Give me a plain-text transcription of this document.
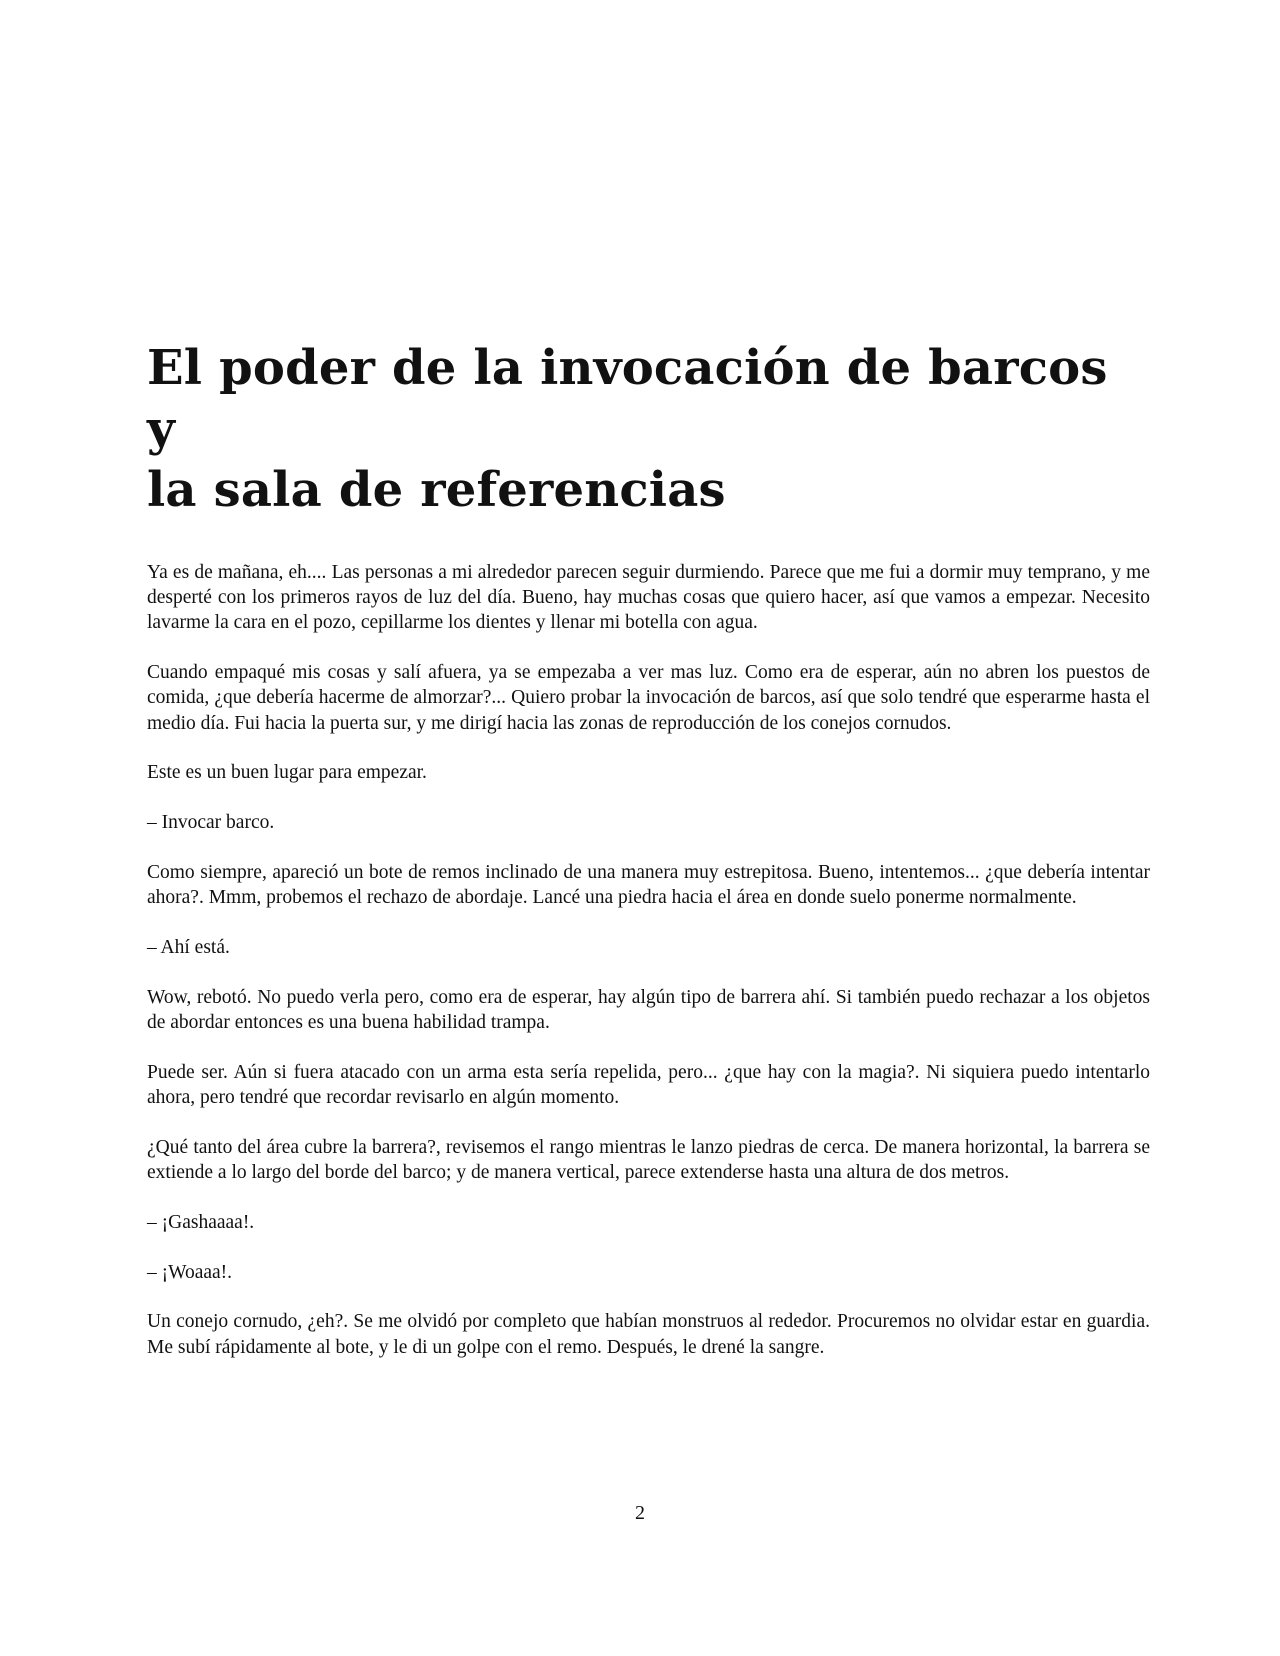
El poder de la invocación de barcos y
la sala de referencias

Ya es de mañana, eh.... Las personas a mi alrededor parecen seguir durmiendo. Parece que me fui a dormir muy temprano, y me desperté con los primeros rayos de luz del día. Bueno, hay muchas cosas que quiero hacer, así que vamos a empezar. Necesito lavarme la cara en el pozo, cepillarme los dientes y llenar mi botella con agua.

Cuando empaqué mis cosas y salí afuera, ya se empezaba a ver mas luz. Como era de esperar, aún no abren los puestos de comida, ¿que debería hacerme de almorzar?... Quiero probar la invocación de barcos, así que solo tendré que esperarme hasta el medio día. Fui hacia la puerta sur, y me dirigí hacia las zonas de reproducción de los conejos cornudos.

Este es un buen lugar para empezar.

– Invocar barco.

Como siempre, apareció un bote de remos inclinado de una manera muy estrepitosa. Bueno, intentemos... ¿que debería intentar ahora?. Mmm, probemos el rechazo de abordaje. Lancé una piedra hacia el área en donde suelo ponerme normalmente.

– Ahí está.

Wow, rebotó. No puedo verla pero, como era de esperar, hay algún tipo de barrera ahí. Si también puedo rechazar a los objetos de abordar entonces es una buena habilidad trampa.

Puede ser. Aún si fuera atacado con un arma esta sería repelida, pero... ¿que hay con la magia?. Ni siquiera puedo intentarlo ahora, pero tendré que recordar revisarlo en algún momento.

¿Qué tanto del área cubre la barrera?, revisemos el rango mientras le lanzo piedras de cerca. De manera horizontal, la barrera se extiende a lo largo del borde del barco; y de manera vertical, parece extenderse hasta una altura de dos metros.

– ¡Gashaaaa!.

– ¡Woaaa!.

Un conejo cornudo, ¿eh?. Se me olvidó por completo que habían monstruos al rededor. Procuremos no olvidar estar en guardia. Me subí rápidamente al bote, y le di un golpe con el remo. Después, le drené la sangre.

2
